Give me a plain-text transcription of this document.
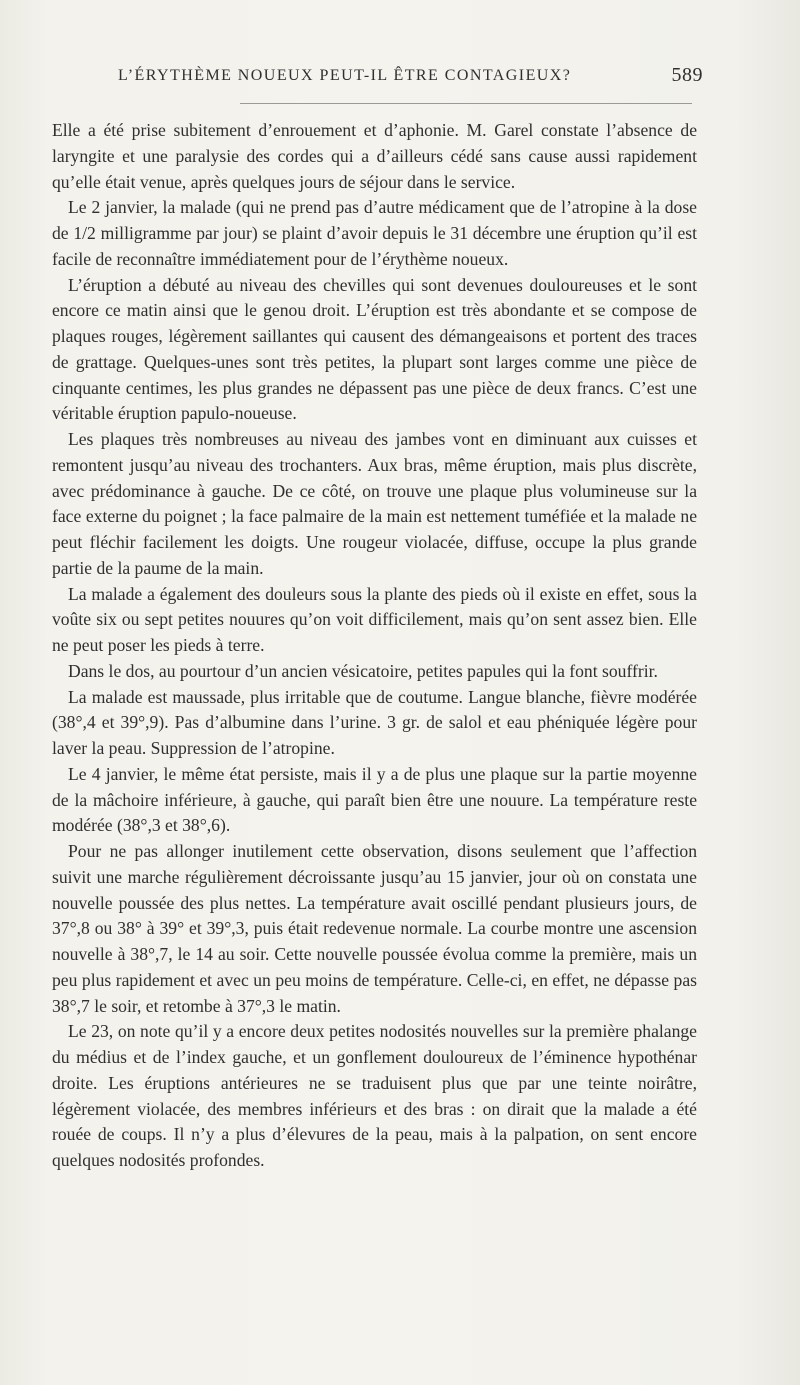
L’ÉRYTHÈME NOUEUX PEUT-IL ÊTRE CONTAGIEUX?	589

Elle a été prise subitement d’enrouement et d’aphonie. M. Garel constate l’absence de laryngite et une paralysie des cordes qui a d’ailleurs cédé sans cause aussi rapidement qu’elle était venue, après quelques jours de séjour dans le service.

Le 2 janvier, la malade (qui ne prend pas d’autre médicament que de l’atropine à la dose de 1/2 milligramme par jour) se plaint d’avoir depuis le 31 décembre une éruption qu’il est facile de reconnaître immédiatement pour de l’érythème noueux.

L’éruption a débuté au niveau des chevilles qui sont devenues douloureuses et le sont encore ce matin ainsi que le genou droit. L’éruption est très abondante et se compose de plaques rouges, légèrement saillantes qui causent des démangeaisons et portent des traces de grattage. Quelques-unes sont très petites, la plupart sont larges comme une pièce de cinquante centimes, les plus grandes ne dépassent pas une pièce de deux francs. C’est une véritable éruption papulo-noueuse.

Les plaques très nombreuses au niveau des jambes vont en diminuant aux cuisses et remontent jusqu’au niveau des trochanters. Aux bras, même éruption, mais plus discrète, avec prédominance à gauche. De ce côté, on trouve une plaque plus volumineuse sur la face externe du poignet ; la face palmaire de la main est nettement tuméfiée et la malade ne peut fléchir facilement les doigts. Une rougeur violacée, diffuse, occupe la plus grande partie de la paume de la main.

La malade a également des douleurs sous la plante des pieds où il existe en effet, sous la voûte six ou sept petites nouures qu’on voit difficilement, mais qu’on sent assez bien. Elle ne peut poser les pieds à terre.

Dans le dos, au pourtour d’un ancien vésicatoire, petites papules qui la font souffrir.

La malade est maussade, plus irritable que de coutume. Langue blanche, fièvre modérée (38°,4 et 39°,9). Pas d’albumine dans l’urine. 3 gr. de salol et eau phéniquée légère pour laver la peau. Suppression de l’atropine.

Le 4 janvier, le même état persiste, mais il y a de plus une plaque sur la partie moyenne de la mâchoire inférieure, à gauche, qui paraît bien être une nouure. La température reste modérée (38°,3 et 38°,6).

Pour ne pas allonger inutilement cette observation, disons seulement que l’affection suivit une marche régulièrement décroissante jusqu’au 15 janvier, jour où on constata une nouvelle poussée des plus nettes. La température avait oscillé pendant plusieurs jours, de 37°,8 ou 38° à 39° et 39°,3, puis était redevenue normale. La courbe montre une ascension nouvelle à 38°,7, le 14 au soir. Cette nouvelle poussée évolua comme la première, mais un peu plus rapidement et avec un peu moins de température. Celle-ci, en effet, ne dépasse pas 38°,7 le soir, et retombe à 37°,3 le matin.

Le 23, on note qu’il y a encore deux petites nodosités nouvelles sur la première phalange du médius et de l’index gauche, et un gonflement douloureux de l’éminence hypothénar droite. Les éruptions antérieures ne se traduisent plus que par une teinte noirâtre, légèrement violacée, des membres inférieurs et des bras : on dirait que la malade a été rouée de coups. Il n’y a plus d’élevures de la peau, mais à la palpation, on sent encore quelques nodosités profondes.
